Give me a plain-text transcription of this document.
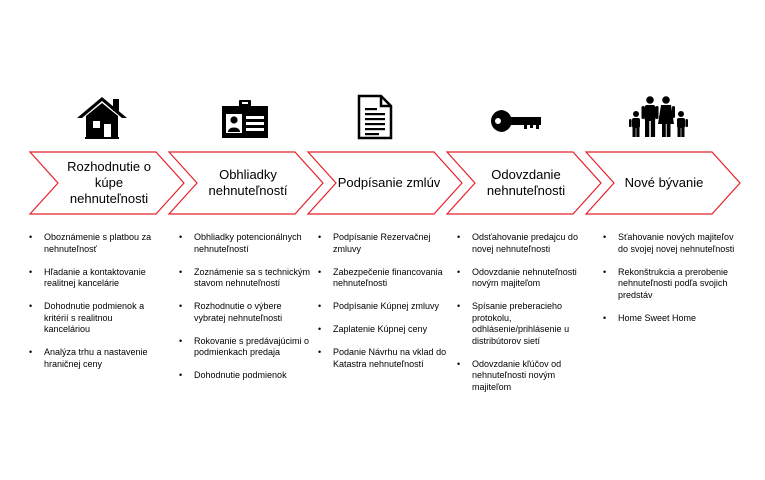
Rozhodnutie o kúpe nehnuteľnosti
Obhliadky nehnuteľností
Podpísanie zmlúv
Odovzdanie nehnuteľnosti
Nové bývanie
• Oboznámenie s platbou za nehnuteľnosť
• Hľadanie a kontaktovanie realitnej kancelárie
• Dohodnutie podmienok a kritérií s realitnou kanceláriou
• Analýza trhu a nastavenie hraničnej ceny
• Obhliadky potencionálnych nehnuteľností
• Zoznámenie sa s technickým stavom nehnuteľností
• Rozhodnutie o výbere vybratej nehnuteľnosti
• Rokovanie s predávajúcimi o podmienkach predaja
• Dohodnutie podmienok
• Podpísanie Rezervačnej zmluvy
• Zabezpečenie financovania nehnuteľnosti
• Podpísanie Kúpnej zmluvy
• Zaplatenie Kúpnej ceny
• Podanie Návrhu na vklad do Katastra nehnuteľností
• Odsťahovanie predajcu do novej nehnuteľnosti
• Odovzdanie nehnuteľnosti novým majiteľom
• Spísanie preberacieho protokolu, odhlásenie/prihlásenie u distribútorov sietí
• Odovzdanie kľúčov od nehnuteľnosti novým majiteľom
• Sťahovanie nových majiteľov do svojej novej nehnuteľnosti
• Rekonštrukcia a prerobenie nehnuteľnosti podľa svojich predstáv
• Home Sweet Home
